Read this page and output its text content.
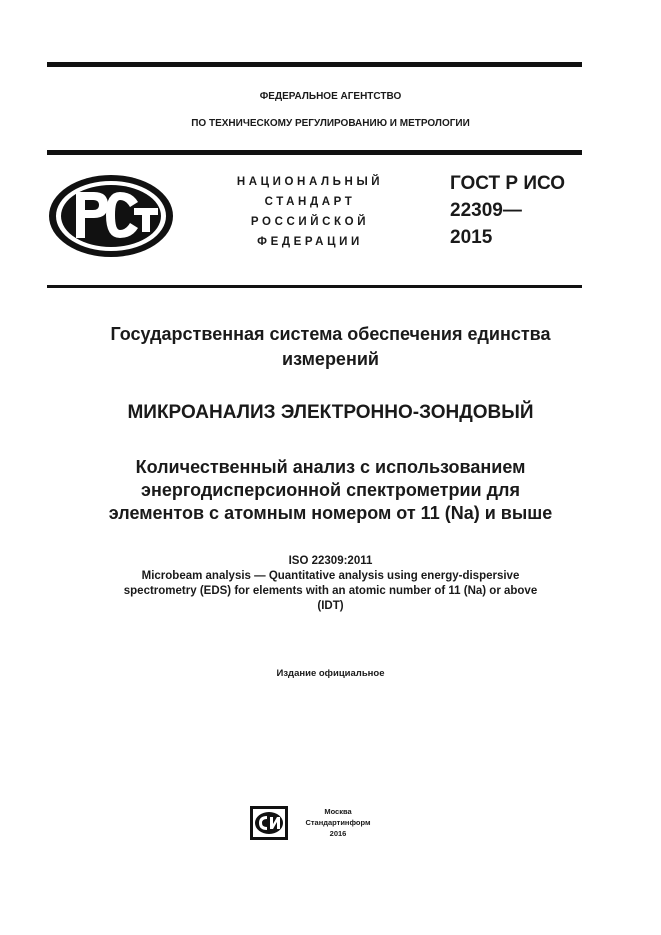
ФЕДЕРАЛЬНОЕ АГЕНТСТВО
ПО ТЕХНИЧЕСКОМУ РЕГУЛИРОВАНИЮ И МЕТРОЛОГИИ
НАЦИОНАЛЬНЫЙ
СТАНДАРТ
РОССИЙСКОЙ
ФЕДЕРАЦИИ
ГОСТ Р ИСО
22309—
2015
Государственная система обеспечения единства
измерений
МИКРОАНАЛИЗ ЭЛЕКТРОННО-ЗОНДОВЫЙ
Количественный анализ с использованием
энергодисперсионной спектрометрии для
элементов с атомным номером от 11 (Na) и выше
ISO 22309:2011
Microbeam analysis — Quantitative analysis using energy-dispersive
spectrometry (EDS) for elements with an atomic number of 11 (Na) or above
(IDT)
Издание официальное
Москва
Стандартинформ
2016
